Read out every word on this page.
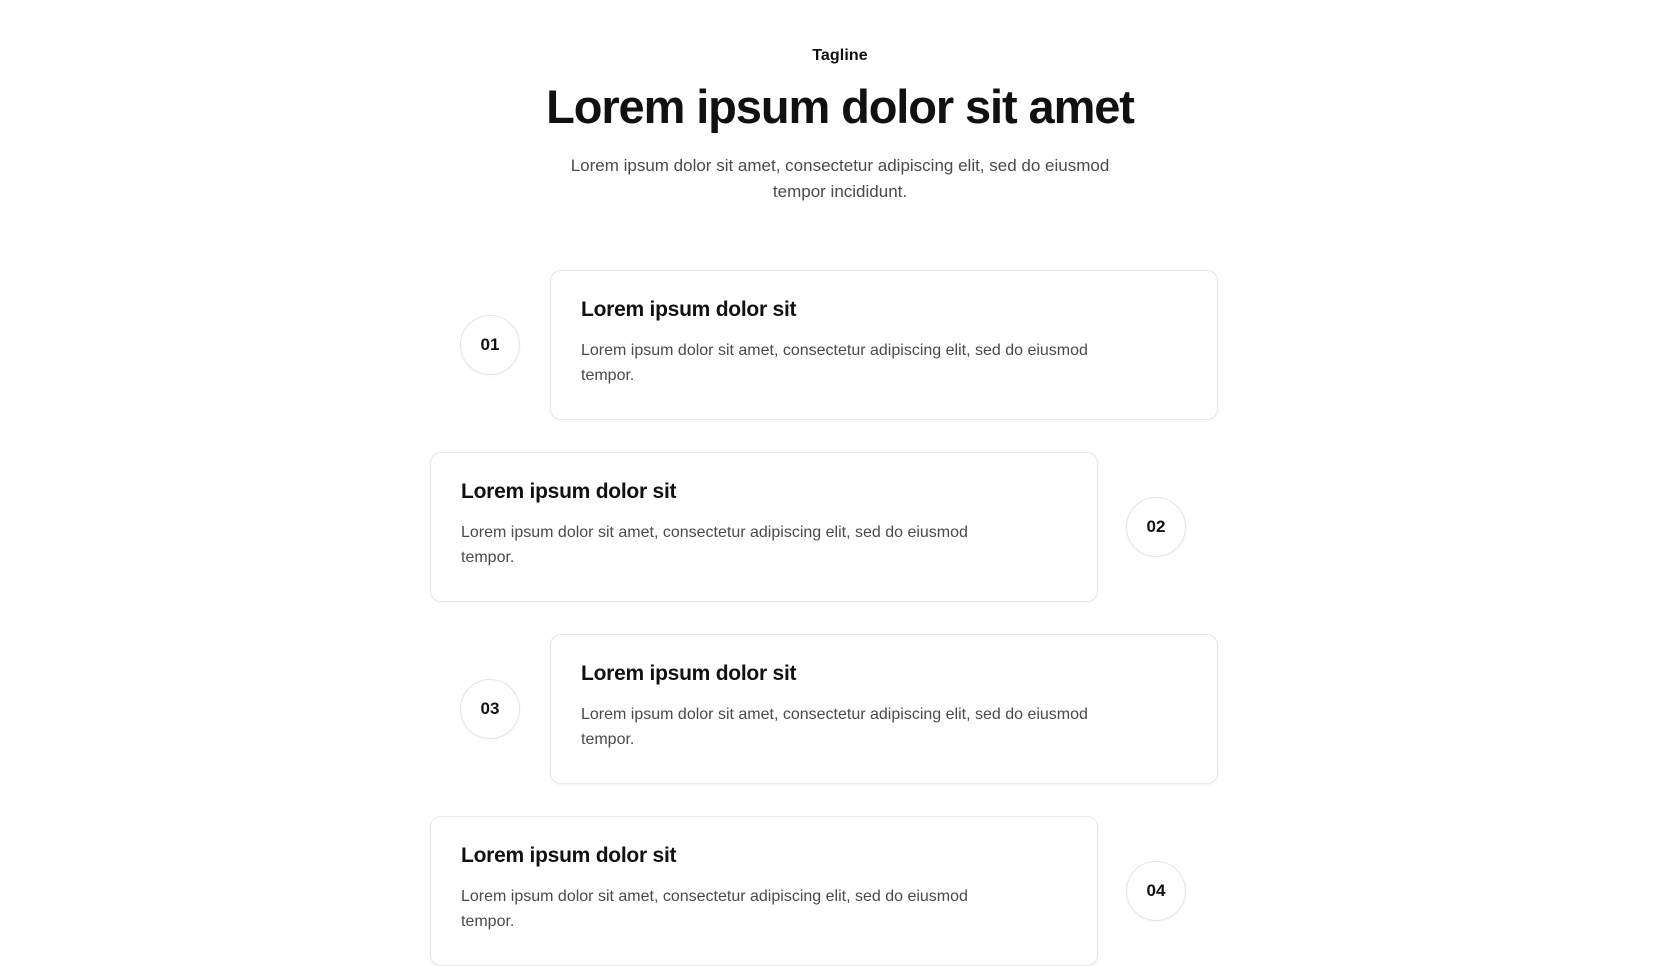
Tagline
Lorem ipsum dolor sit amet

Lorem ipsum dolor sit amet, consectetur adipiscing elit, sed do eiusmod tempor incididunt.

01
Lorem ipsum dolor sit

Lorem ipsum dolor sit amet, consectetur adipiscing elit, sed do eiusmod tempor.

Lorem ipsum dolor sit

Lorem ipsum dolor sit amet, consectetur adipiscing elit, sed do eiusmod tempor.

02
03
Lorem ipsum dolor sit

Lorem ipsum dolor sit amet, consectetur adipiscing elit, sed do eiusmod tempor.

Lorem ipsum dolor sit

Lorem ipsum dolor sit amet, consectetur adipiscing elit, sed do eiusmod tempor.

04
